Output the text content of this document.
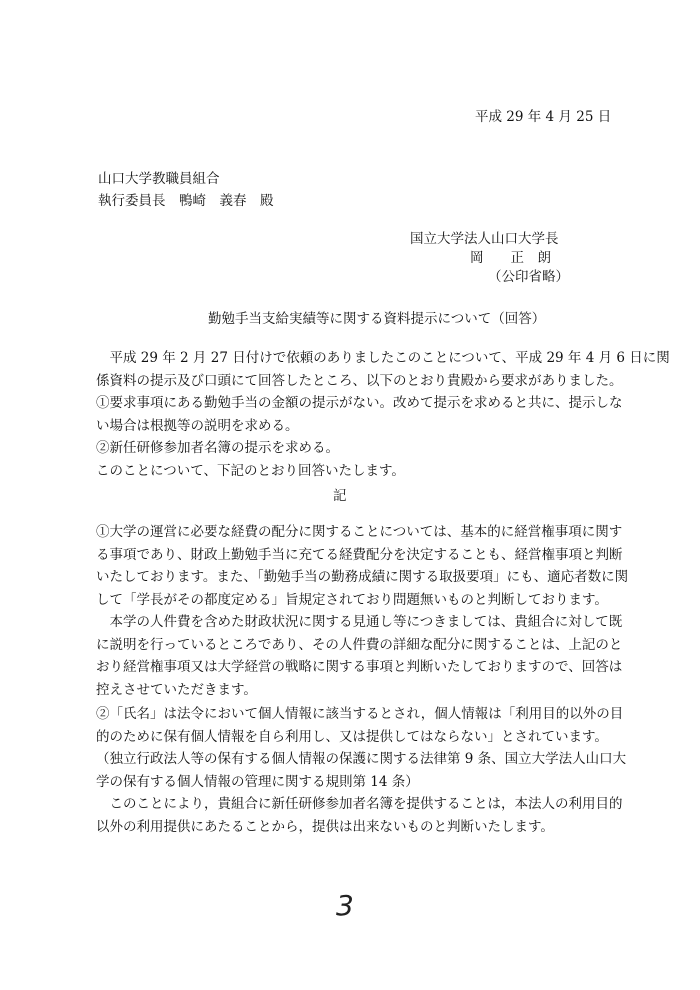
平成 29 年 4 月 25 日
山口大学教職員組合
執行委員長　鴨崎　義春　殿
国立大学法人山口大学長
岡　　正　朗
（公印省略）
勤勉手当支給実績等に関する資料提示について（回答）
　平成 29 年 2 月 27 日付けで依頼のありましたこのことについて、平成 29 年 4 月 6 日に関
係資料の提示及び口頭にて回答したところ、以下のとおり貴殿から要求がありました。
①要求事項にある勤勉手当の金額の提示がない。改めて提示を求めると共に、提示しな
い場合は根拠等の説明を求める。
②新任研修参加者名簿の提示を求める。
このことについて、下記のとおり回答いたします。
記
①大学の運営に必要な経費の配分に関することについては、基本的に経営権事項に関す
る事項であり、財政上勤勉手当に充てる経費配分を決定することも、経営権事項と判断
いたしております。また、「勤勉手当の勤務成績に関する取扱要項」にも、適応者数に関
して「学長がその都度定める」旨規定されており問題無いものと判断しております。
　本学の人件費を含めた財政状況に関する見通し等につきましては、貴組合に対して既
に説明を行っているところであり、その人件費の詳細な配分に関することは、上記のと
おり経営権事項又は大学経営の戦略に関する事項と判断いたしておりますので、回答は
控えさせていただきます。
②「氏名」は法令において個人情報に該当するとされ，個人情報は「利用目的以外の目
的のために保有個人情報を自ら利用し、又は提供してはならない」とされています。
（独立行政法人等の保有する個人情報の保護に関する法律第 9 条、国立大学法人山口大
学の保有する個人情報の管理に関する規則第 14 条）
　このことにより，貴組合に新任研修参加者名簿を提供することは，本法人の利用目的
以外の利用提供にあたることから，提供は出来ないものと判断いたします。
3
